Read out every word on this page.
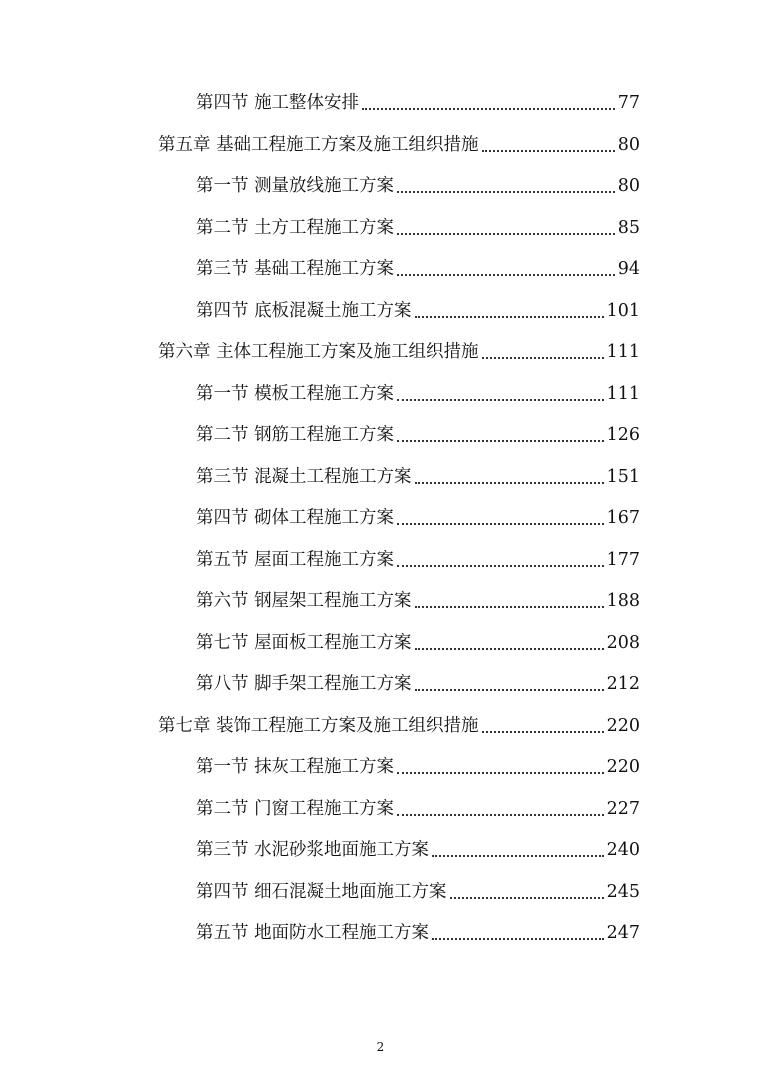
第四节 施工整体安排	77
第五章 基础工程施工方案及施工组织措施	80
第一节 测量放线施工方案	80
第二节 土方工程施工方案	85
第三节 基础工程施工方案	94
第四节 底板混凝土施工方案	101
第六章 主体工程施工方案及施工组织措施	111
第一节 模板工程施工方案	111
第二节 钢筋工程施工方案	126
第三节 混凝土工程施工方案	151
第四节 砌体工程施工方案	167
第五节 屋面工程施工方案	177
第六节 钢屋架工程施工方案	188
第七节 屋面板工程施工方案	208
第八节 脚手架工程施工方案	212
第七章 装饰工程施工方案及施工组织措施	220
第一节 抹灰工程施工方案	220
第二节 门窗工程施工方案	227
第三节 水泥砂浆地面施工方案	240
第四节 细石混凝土地面施工方案	245
第五节 地面防水工程施工方案	247
2
